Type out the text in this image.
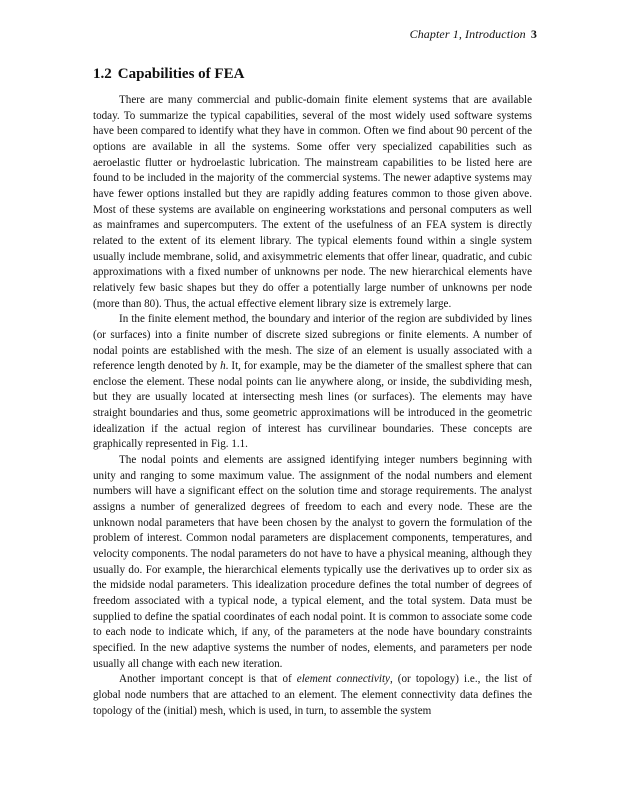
Chapter 1, Introduction 3
1.2 Capabilities of FEA

There are many commercial and public-domain finite element systems that are available today. To summarize the typical capabilities, several of the most widely used software systems have been compared to identify what they have in common. Often we find about 90 percent of the options are available in all the systems. Some offer very specialized capabilities such as aeroelastic flutter or hydroelastic lubrication. The mainstream capabilities to be listed here are found to be included in the majority of the commercial systems. The newer adaptive systems may have fewer options installed but they are rapidly adding features common to those given above. Most of these systems are available on engineering workstations and personal computers as well as mainframes and supercomputers. The extent of the usefulness of an FEA system is directly related to the extent of its element library. The typical elements found within a single system usually include membrane, solid, and axisymmetric elements that offer linear, quadratic, and cubic approximations with a fixed number of unknowns per node. The new hierarchical elements have relatively few basic shapes but they do offer a potentially large number of unknowns per node (more than 80). Thus, the actual effective element library size is extremely large.

In the finite element method, the boundary and interior of the region are subdivided by lines (or surfaces) into a finite number of discrete sized subregions or finite elements. A number of nodal points are established with the mesh. The size of an element is usually associated with a reference length denoted by h. It, for example, may be the diameter of the smallest sphere that can enclose the element. These nodal points can lie anywhere along, or inside, the subdividing mesh, but they are usually located at intersecting mesh lines (or surfaces). The elements may have straight boundaries and thus, some geometric approximations will be introduced in the geometric idealization if the actual region of interest has curvilinear boundaries. These concepts are graphically represented in Fig. 1.1.

The nodal points and elements are assigned identifying integer numbers beginning with unity and ranging to some maximum value. The assignment of the nodal numbers and element numbers will have a significant effect on the solution time and storage requirements. The analyst assigns a number of generalized degrees of freedom to each and every node. These are the unknown nodal parameters that have been chosen by the analyst to govern the formulation of the problem of interest. Common nodal parameters are displacement components, temperatures, and velocity components. The nodal parameters do not have to have a physical meaning, although they usually do. For example, the hierarchical elements typically use the derivatives up to order six as the midside nodal parameters. This idealization procedure defines the total number of degrees of freedom associated with a typical node, a typical element, and the total system. Data must be supplied to define the spatial coordinates of each nodal point. It is common to associate some code to each node to indicate which, if any, of the parameters at the node have boundary constraints specified. In the new adaptive systems the number of nodes, elements, and parameters per node usually all change with each new iteration.

Another important concept is that of element connectivity, (or topology) i.e., the list of global node numbers that are attached to an element. The element connectivity data defines the topology of the (initial) mesh, which is used, in turn, to assemble the system
